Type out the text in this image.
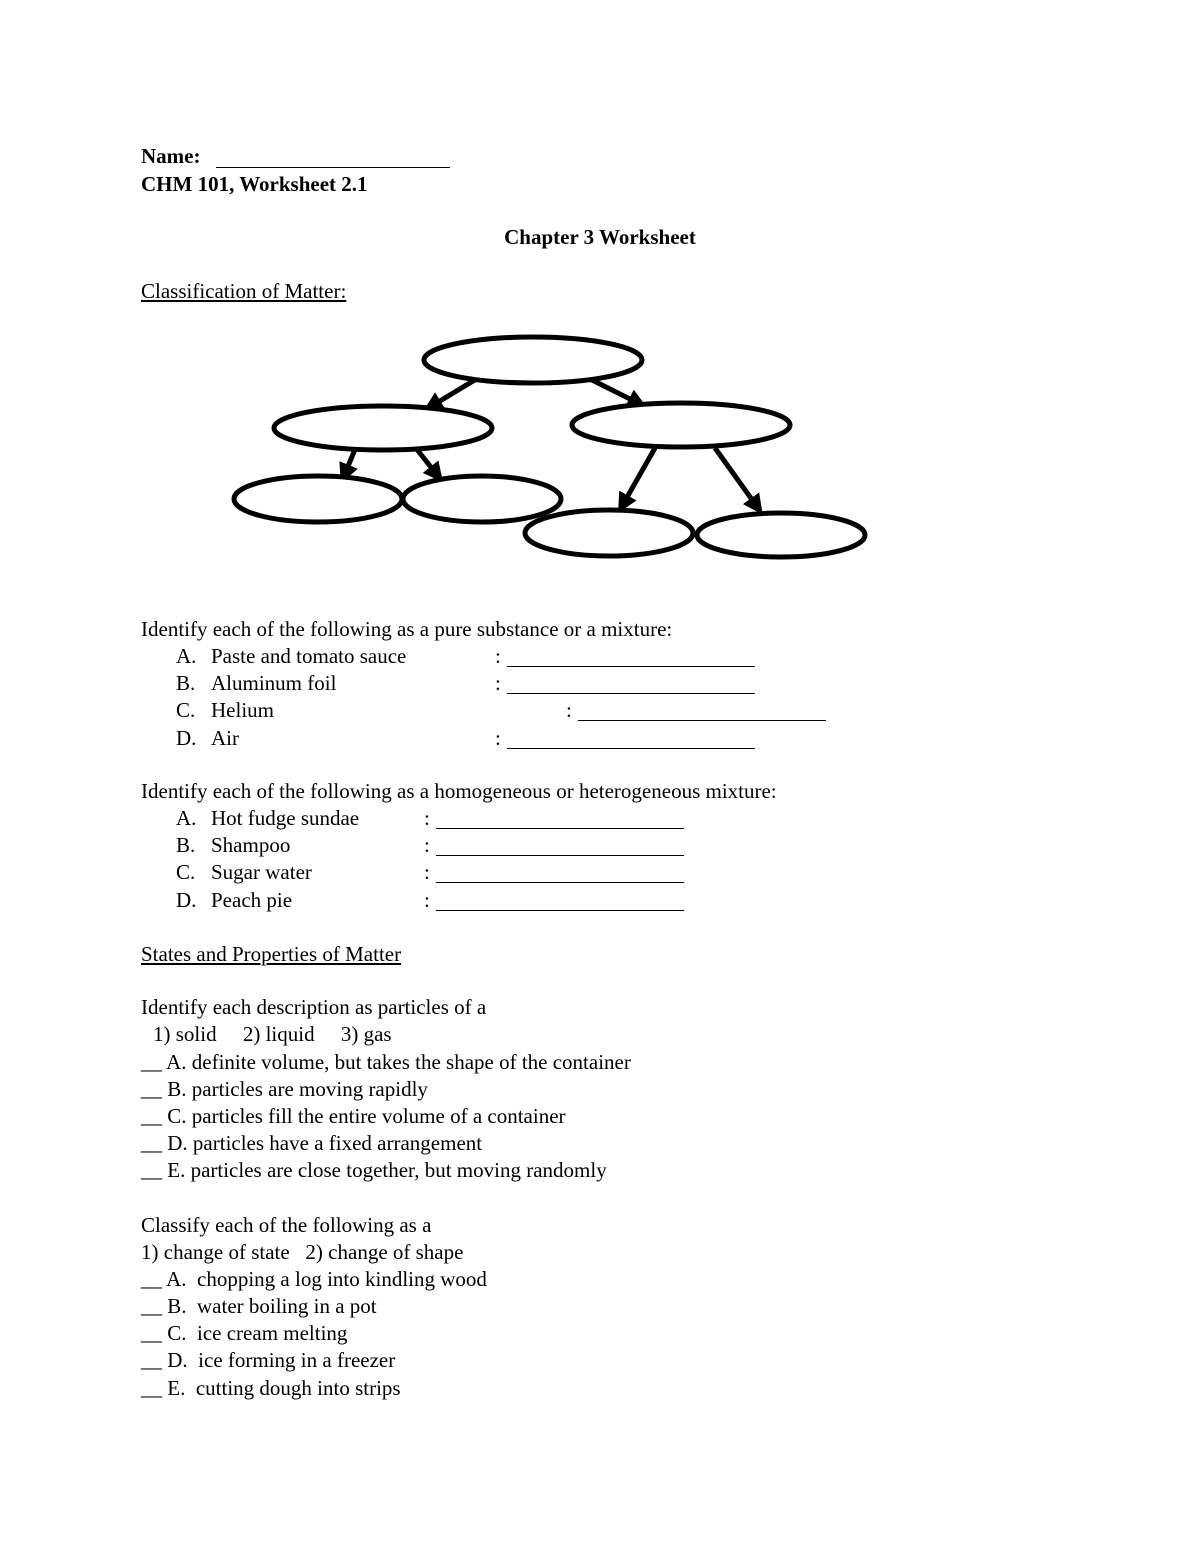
Name:
CHM 101, Worksheet 2.1
Chapter 3 Worksheet
Classification of Matter:
Identify each of the following as a pure substance or a mixture:
A. Paste and tomato sauce	:
B. Aluminum foil	:
C. Helium	:
D. Air	:
Identify each of the following as a homogeneous or heterogeneous mixture:
A. Hot fudge sundae	:
B. Shampoo	:
C. Sugar water	:
D. Peach pie	:
States and Properties of Matter
Identify each description as particles of a
1) solid     2) liquid     3) gas
__ A. definite volume, but takes the shape of the container
__ B. particles are moving rapidly
__ C. particles fill the entire volume of a container
__ D. particles have a fixed arrangement
__ E. particles are close together, but moving randomly
Classify each of the following as a
1) change of state   2) change of shape
__ A.  chopping a log into kindling wood
__ B.  water boiling in a pot
__ C.  ice cream melting
__ D.  ice forming in a freezer
__ E.  cutting dough into strips
